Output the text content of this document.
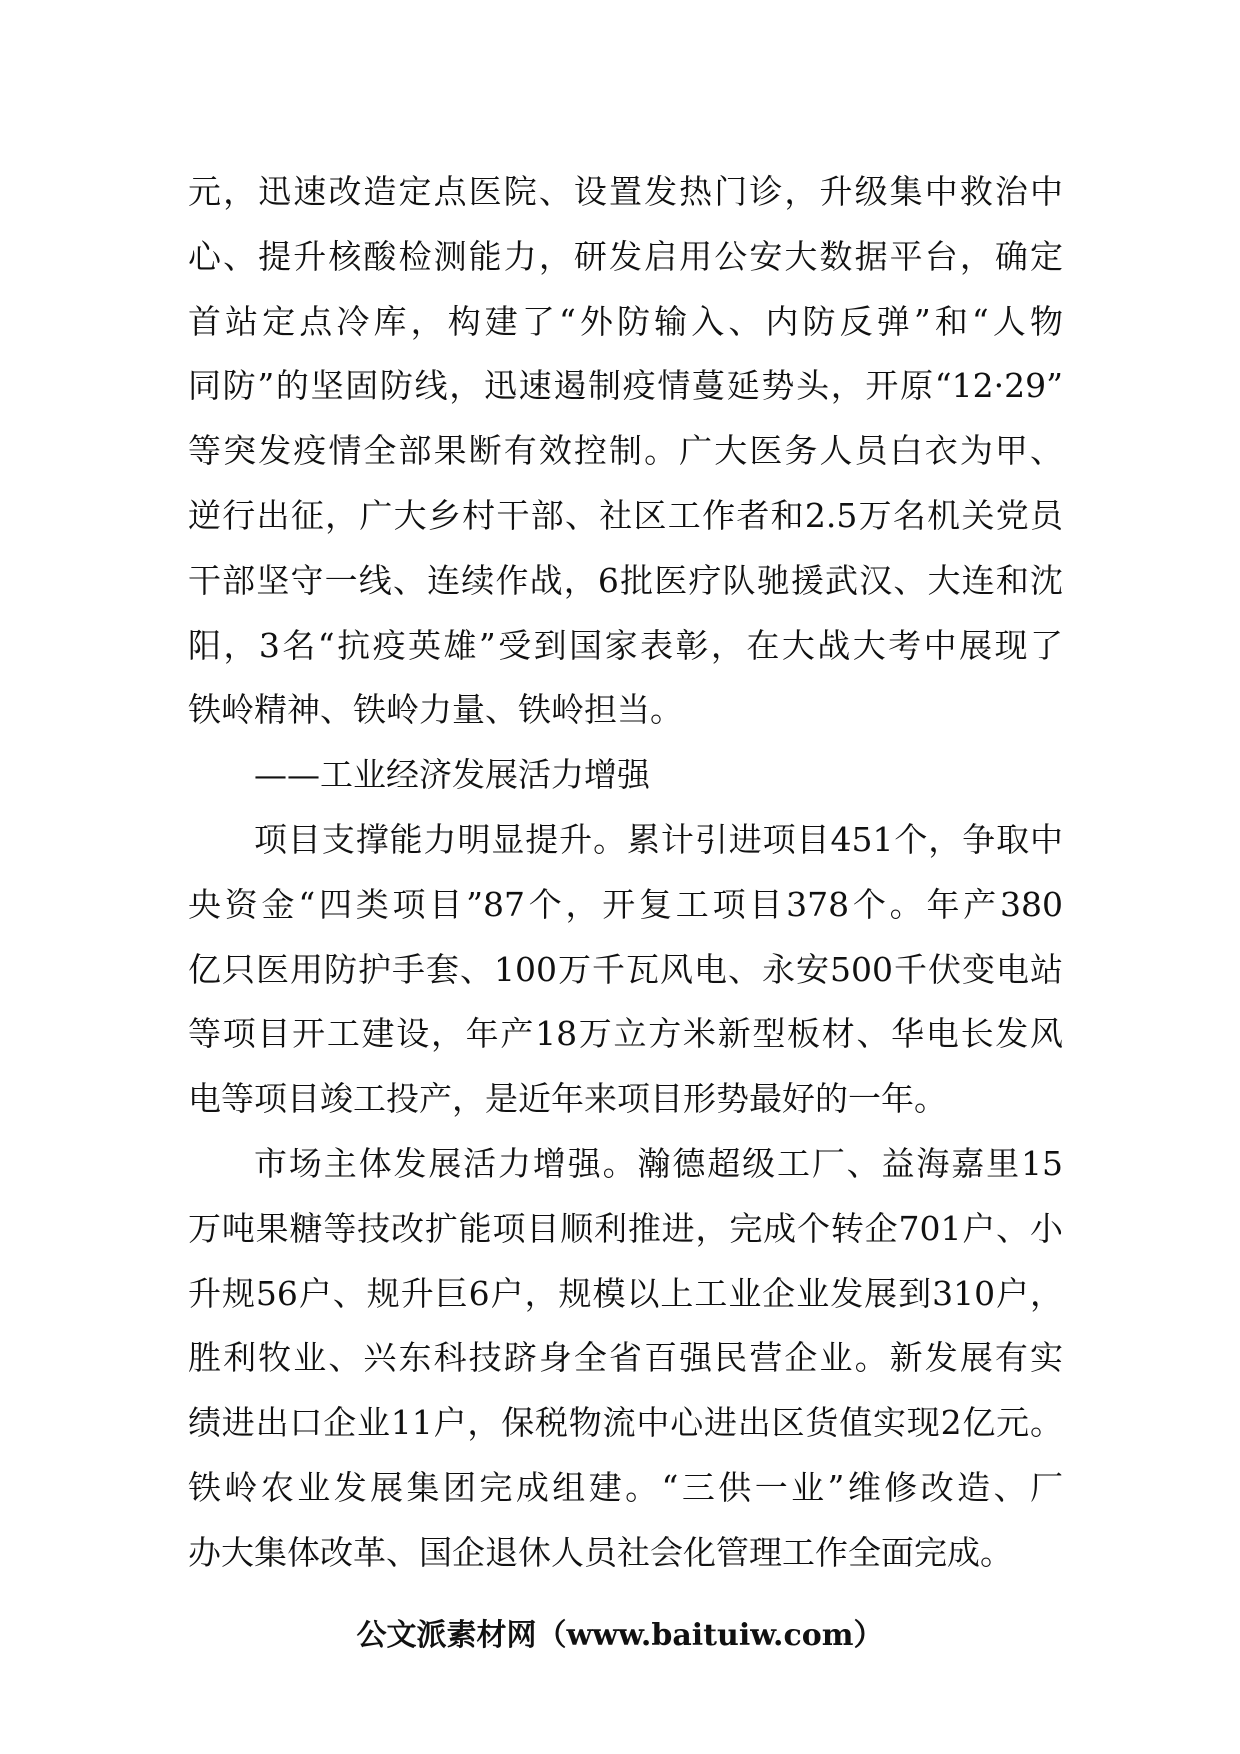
元，迅速改造定点医院、设置发热门诊，升级集中救治中
心、提升核酸检测能力，研发启用公安大数据平台，确定
首站定点冷库，构建了“外防输入、内防反弹”和“人物
同防”的坚固防线，迅速遏制疫情蔓延势头，开原“12·29”
等突发疫情全部果断有效控制。广大医务人员白衣为甲、
逆行出征，广大乡村干部、社区工作者和2.5万名机关党员
干部坚守一线、连续作战，6批医疗队驰援武汉、大连和沈
阳，3名“抗疫英雄”受到国家表彰，在大战大考中展现了
铁岭精神、铁岭力量、铁岭担当。
——工业经济发展活力增强
项目支撑能力明显提升。累计引进项目451个，争取中
央资金“四类项目”87个，开复工项目378个。年产380
亿只医用防护手套、100万千瓦风电、永安500千伏变电站
等项目开工建设，年产18万立方米新型板材、华电长发风
电等项目竣工投产，是近年来项目形势最好的一年。
市场主体发展活力增强。瀚德超级工厂、益海嘉里15
万吨果糖等技改扩能项目顺利推进，完成个转企701户、小
升规56户、规升巨6户，规模以上工业企业发展到310户，
胜利牧业、兴东科技跻身全省百强民营企业。新发展有实
绩进出口企业11户，保税物流中心进出区货值实现2亿元。
铁岭农业发展集团完成组建。“三供一业”维修改造、厂
办大集体改革、国企退休人员社会化管理工作全面完成。
公文派素材网（www.baituiw.com）
